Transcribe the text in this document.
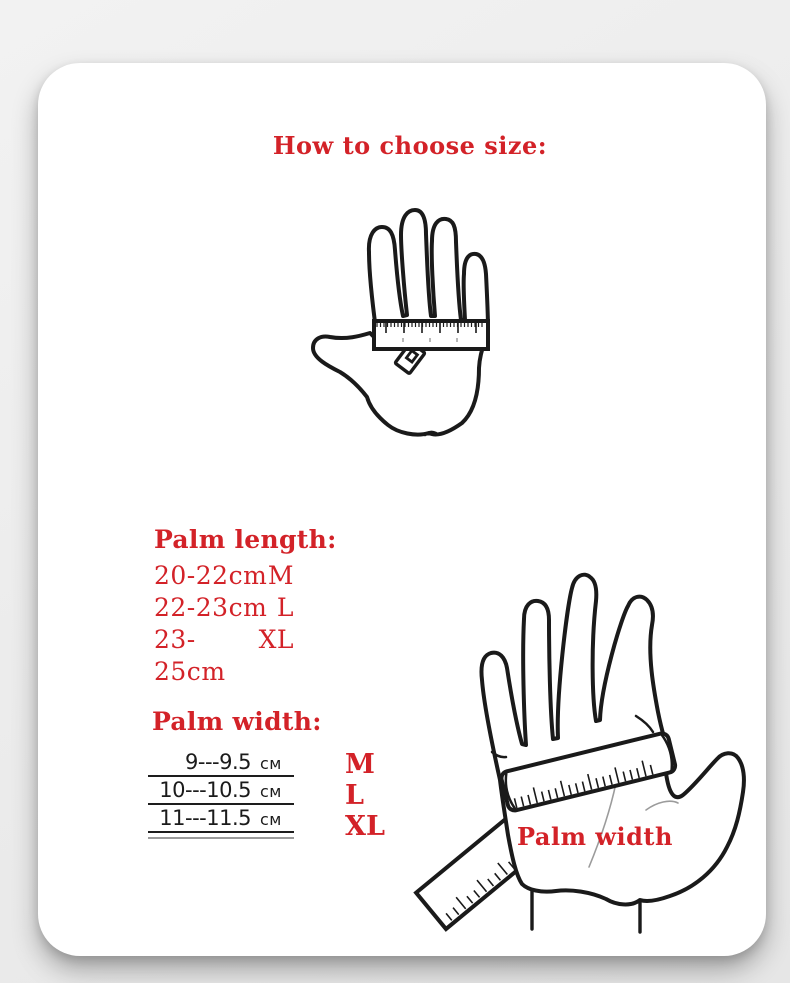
How to choose size:
Palm length:
20-22cm M
22-23cm L
23-25cm
XL
Palm width:
9---9.5 см
10---10.5 см
11---11.5 см
M
L
XL	Palm width
